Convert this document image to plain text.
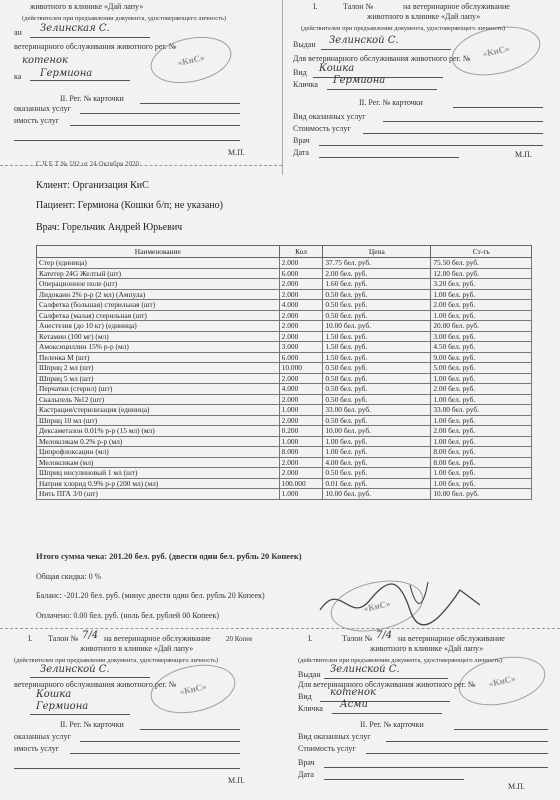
животного в клинике «Дай лапу»
(действителен при предъявлении документа, удостоверяющего личность)
ан Зелинская С.
ветеринарного обслуживания животного рег. №
котенок
ка Гермиона
«КиС»
II. Рег. № карточки
оказанных услуг
имость услуг
М.П.
I.	Талон №	на ветеринарное обслуживание
животного в клинике «Дай лапу»
(действителен при предъявлении документа, удостоверяющего личность)
Выдан Зелинской С.
Для ветеринарного обслуживания животного рег. №
Вид Кошка
Кличка Гермиона
«КиС»
II. Рег. № карточки
Вид оказанных услуг
Стоимость услуг
Врач
Дата	М.П.
С Ч Е Т № 592 от 24 Октября 2020
Клиент: Организация КиС
Пациент: Гермиона (Кошки б/п; не указано)
Врач: Горельчик Андрей Юрьевич
Наименование	Кол	Цена	Ст-ть
Стер (единица)	2.000	37.75 бел. руб.	75.50 бел. руб.
Катетер 24G Желтый (шт)	6.000	2.00 бел. руб.	12.00 бел. руб.
Операционное поле (шт)	2.000	1.60 бел. руб.	3.20 бел. руб.
Лидокаин 2% р-р (2 мл) (Ампула)	2.000	0.50 бел. руб.	1.00 бел. руб.
Салфетка (большая) стерильная (шт)	4.000	0.50 бел. руб.	2.00 бел. руб.
Салфетка (малая) стерильная (шт)	2.000	0.50 бел. руб.	1.00 бел. руб.
Анестезия (до 10 кг) (единица)	2.000	10.00 бел. руб.	20.00 бел. руб.
Кетамин (100 мг) (мл)	2.000	1.50 бел. руб.	3.00 бел. руб.
Амоксициллин 15% р-р (мл)	3.000	1.50 бел. руб.	4.50 бел. руб.
Пеленка М (шт)	6.000	1.50 бел. руб.	9.00 бел. руб.
Шприц 2 мл (шт)	10.000	0.50 бел. руб.	5.00 бел. руб.
Шприц 5 мл (шт)	2.000	0.50 бел. руб.	1.00 бел. руб.
Перчатки (стерил) (шт)	4.000	0.50 бел. руб.	2.00 бел. руб.
Скальпель №12 (шт)	2.000	0.50 бел. руб.	1.00 бел. руб.
Кастрация/стерилизация (единица)	1.000	33.00 бел. руб.	33.00 бел. руб.
Шприц 10 мл (шт)	2.000	0.50 бел. руб.	1.00 бел. руб.
Дексаметазон 0.01% р-р (15 мл) (мл)	0.200	10.00 бел. руб.	2.00 бел. руб.
Мелоксикам 0.2% р-р (мл)	1.000	1.00 бел. руб.	1.00 бел. руб.
Ципрофлоксацин (мл)	8.000	1.00 бел. руб.	8.00 бел. руб.
Мелоксикам (мл)	2.000	4.00 бел. руб.	8.00 бел. руб.
Шприц инсулиновый 1 мл (шт)	2.000	0.50 бел. руб.	1.00 бел. руб.
Натрия хлорид 0.9% р-р (200 мл) (мл)	100.000	0.01 бел. руб.	1.00 бел. руб.
Нить ПГА 3/0 (шт)	1.000	10.00 бел. руб.	10.00 бел. руб.
Итого сумма чека: 201.20 бел. руб. (двести один бел. рубль 20 Копеек)
Общая скидка: 0 %
Баланс: -201.20 бел. руб. (минус двести один бел. рубль 20 Копеек)
Оплачено: 0.00 бел. руб. (ноль бел. рублей 00 Копеек)
«КиС»
I. Талон № 7/4 на ветеринарное обслуживание 20 Копее
животного в клинике «Дай лапу»
(действителен при предъявлении документа, удостоверяющего личность)
Зелинской С.
ветеринарного обслуживания животного рег. №
Кошка
Гермиона
«КиС»
II. Рег. № карточки
оказанных услуг
имость услуг
М.П.
I.	Талон № 7/4 на ветеринарное обслуживание
животного в клинике «Дай лапу»
(действителен при предъявлении документа, удостоверяющего личность)
Выдан Зелинской С.
Для ветеринарного обслуживания животного рег. №
Вид котенок
Кличка Асми
«КиС»
II. Рег. № карточки
Вид оказанных услуг
Стоимость услуг
Врач
Дата
М.П.
